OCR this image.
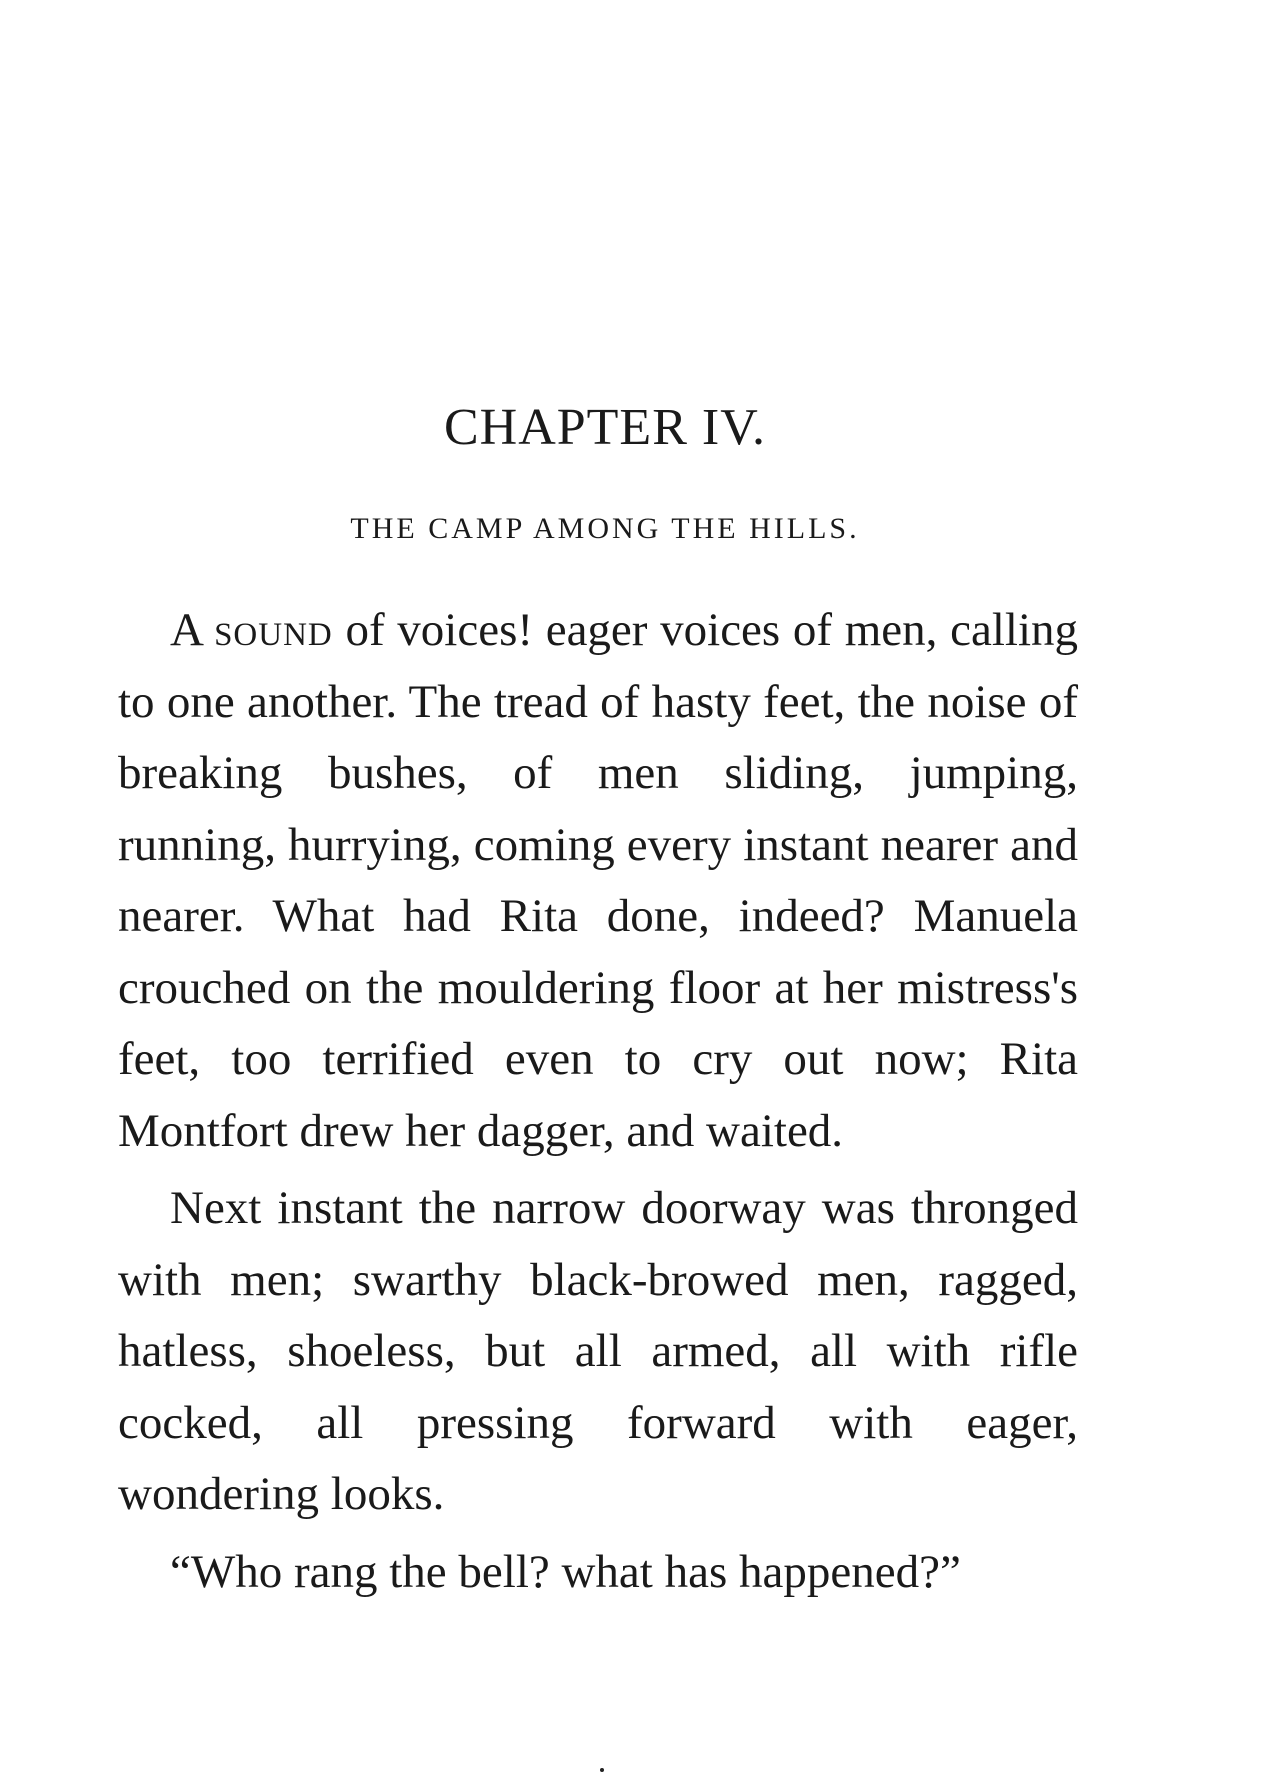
CHAPTER IV.
THE CAMP AMONG THE HILLS.

A sound of voices! eager voices of men, calling to one another. The tread of hasty feet, the noise of breaking bushes, of men sliding, jumping, running, hurrying, coming every instant nearer and nearer. What had Rita done, indeed? Manuela crouched on the mouldering floor at her mistress's feet, too terrified even to cry out now; Rita Montfort drew her dagger, and waited.

Next instant the narrow doorway was thronged with men; swarthy black-browed men, ragged, hatless, shoeless, but all armed, all with rifle cocked, all pressing forward with eager, wondering looks.

“Who rang the bell? what has happened?”
